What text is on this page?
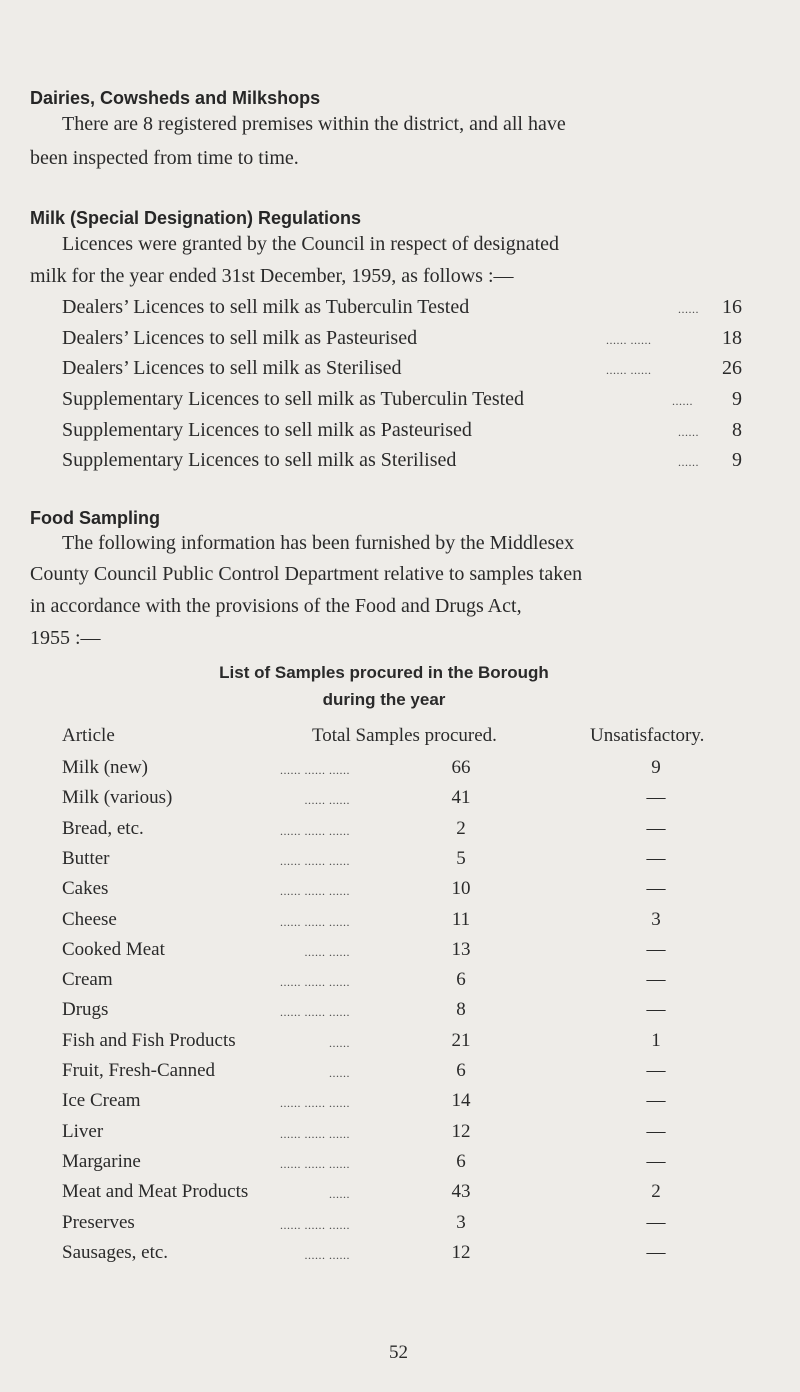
Dairies, Cowsheds and Milkshops
There are 8 registered premises within the district, and all have
been inspected from time to time.
Milk (Special Designation) Regulations
Licences were granted by the Council in respect of designated
milk for the year ended 31st December, 1959, as follows :—
Dealers’ Licences to sell milk as Tuberculin Tested	......	16
Dealers’ Licences to sell milk as Pasteurised	...... ......	18
Dealers’ Licences to sell milk as Sterilised	...... ......	26
Supplementary Licences to sell milk as Tuberculin Tested	......	9
Supplementary Licences to sell milk as Pasteurised	......	8
Supplementary Licences to sell milk as Sterilised	......	9
Food Sampling
The following information has been furnished by the Middlesex
County Council Public Control Department relative to samples taken
in accordance with the provisions of the Food and Drugs Act,
1955 :—
List of Samples procured in the Borough
during the year
Article	Total Samples procured.	Unsatisfactory.
Milk (new)	...... ...... ......	66	9
Milk (various)	...... ......	41	—
Bread, etc.	...... ...... ......	2	—
Butter	...... ...... ......	5	—
Cakes	...... ...... ......	10	—
Cheese	...... ...... ......	11	3
Cooked Meat	...... ......	13	—
Cream	...... ...... ......	6	—
Drugs	...... ...... ......	8	—
Fish and Fish Products	......	21	1
Fruit, Fresh-Canned	......	6	—
Ice Cream	...... ...... ......	14	—
Liver	...... ...... ......	12	—
Margarine	...... ...... ......	6	—
Meat and Meat Products	......	43	2
Preserves	...... ...... ......	3	—
Sausages, etc.	...... ......	12	—
52
